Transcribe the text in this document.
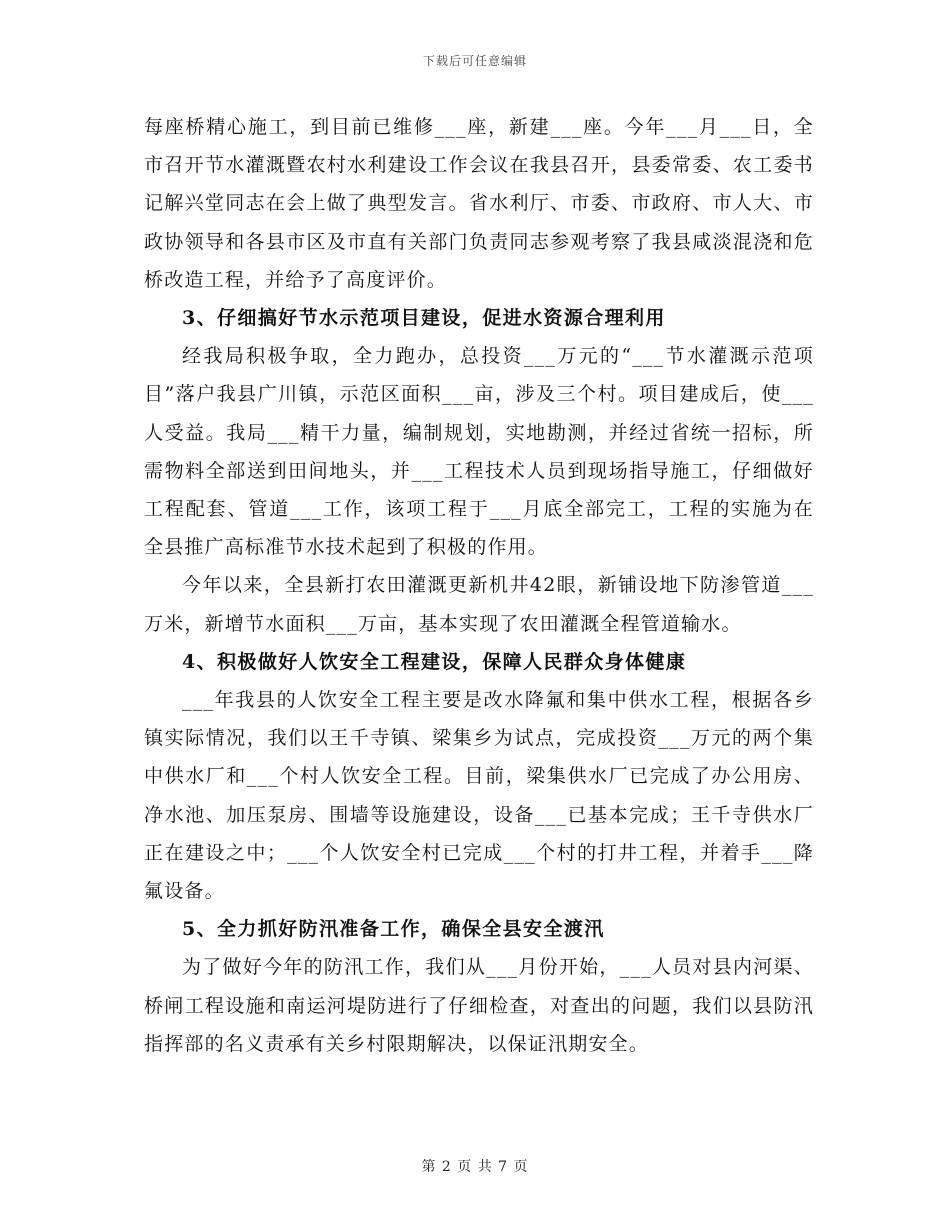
下载后可任意编辑

每座桥精心施工，到目前已维修___座，新建___座。今年___月___日，全市召开节水灌溉暨农村水利建设工作会议在我县召开，县委常委、农工委书记解兴堂同志在会上做了典型发言。省水利厅、市委、市政府、市人大、市政协领导和各县市区及市直有关部门负责同志参观考察了我县咸淡混浇和危桥改造工程，并给予了高度评价。

3、仔细搞好节水示范项目建设，促进水资源合理利用

经我局积极争取，全力跑办，总投资___万元的“___节水灌溉示范项目”落户我县广川镇，示范区面积___亩，涉及三个村。项目建成后，使___人受益。我局___精干力量，编制规划，实地勘测，并经过省统一招标，所需物料全部送到田间地头，并___工程技术人员到现场指导施工，仔细做好工程配套、管道___工作，该项工程于___月底全部完工，工程的实施为在全县推广高标准节水技术起到了积极的作用。

今年以来，全县新打农田灌溉更新机井42眼，新铺设地下防渗管道___万米，新增节水面积___万亩，基本实现了农田灌溉全程管道输水。

4、积极做好人饮安全工程建设，保障人民群众身体健康

___年我县的人饮安全工程主要是改水降氟和集中供水工程，根据各乡镇实际情况，我们以王千寺镇、梁集乡为试点，完成投资___万元的两个集中供水厂和___个村人饮安全工程。目前，梁集供水厂已完成了办公用房、净水池、加压泵房、围墙等设施建设，设备___已基本完成；王千寺供水厂正在建设之中；___个人饮安全村已完成___个村的打井工程，并着手___降氟设备。

5、全力抓好防汛准备工作，确保全县安全渡汛

为了做好今年的防汛工作，我们从___月份开始，___人员对县内河渠、桥闸工程设施和南运河堤防进行了仔细检查，对查出的问题，我们以县防汛指挥部的名义责承有关乡村限期解决，以保证汛期安全。

第 2 页 共 7 页
